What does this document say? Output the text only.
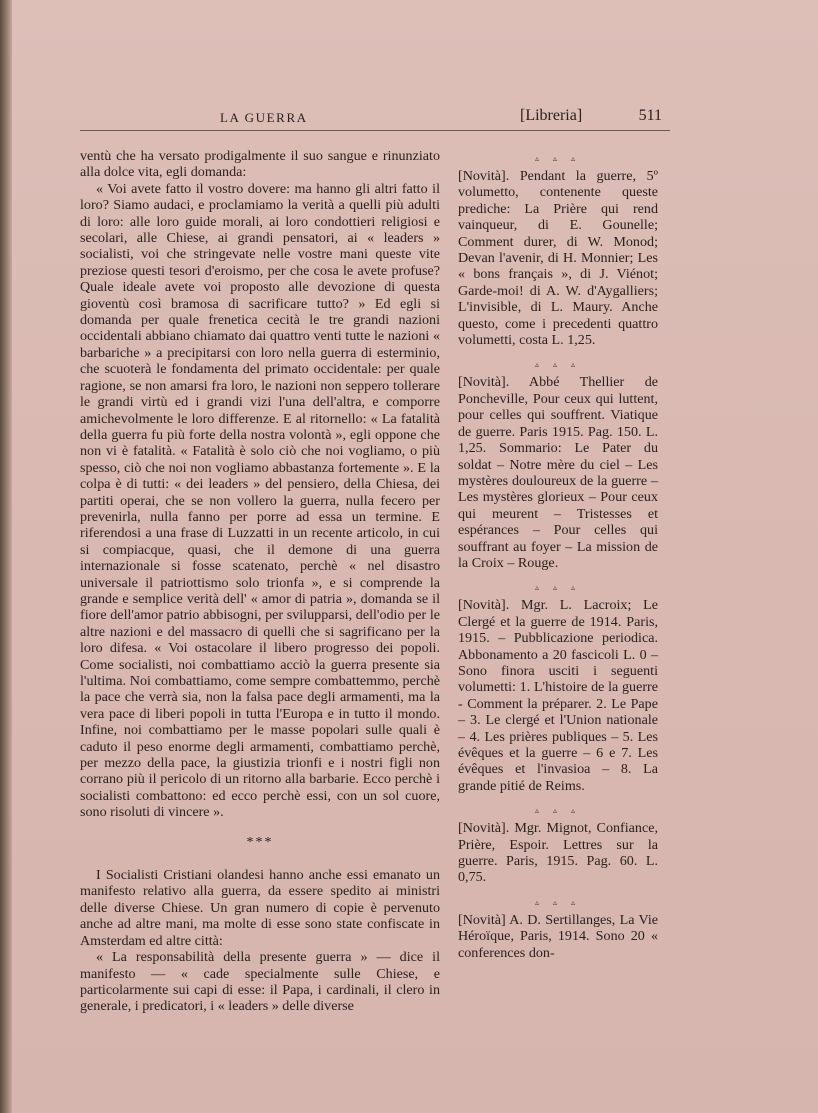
LA GUERRA	[Libreria]	511

ventù che ha versato prodigalmente il suo sangue e rinunziato alla dolce vita, egli domanda:

« Voi avete fatto il vostro dovere: ma hanno gli altri fatto il loro? Siamo audaci, e proclamiamo la verità a quelli più adulti di loro: alle loro guide morali, ai loro condottieri religiosi e secolari, alle Chiese, ai grandi pensatori, ai « leaders » socialisti, voi che stringevate nelle vostre mani queste vite preziose questi tesori d'eroismo, per che cosa le avete profuse? Quale ideale avete voi proposto alle devozione di questa gioventù così bramosa di sacrificare tutto? » Ed egli si domanda per quale frenetica cecità le tre grandi nazioni occidentali abbiano chiamato dai quattro venti tutte le nazioni « barbariche » a precipitarsi con loro nella guerra di esterminio, che scuoterà le fondamenta del primato occidentale: per quale ragione, se non amarsi fra loro, le nazioni non seppero tollerare le grandi virtù ed i grandi vizi l'una dell'altra, e comporre amichevolmente le loro differenze. E al ritornello: « La fatalità della guerra fu più forte della nostra volontà », egli oppone che non vi è fatalità. « Fatalità è solo ciò che noi vogliamo, o più spesso, ciò che noi non vogliamo abbastanza fortemente ». E la colpa è di tutti: « dei leaders » del pensiero, della Chiesa, dei partiti operai, che se non vollero la guerra, nulla fecero per prevenirla, nulla fanno per porre ad essa un termine. E riferendosi a una frase di Luzzatti in un recente articolo, in cui si compiacque, quasi, che il demone di una guerra internazionale si fosse scatenato, perchè « nel disastro universale il patriottismo solo trionfa », e si comprende la grande e semplice verità dell' « amor di patria », domanda se il fiore dell'amor patrio abbisogni, per svilupparsi, dell'odio per le altre nazioni e del massacro di quelli che si sagrificano per la loro difesa. « Voi ostacolare il libero progresso dei popoli. Come socialisti, noi combattiamo acciò la guerra presente sia l'ultima. Noi combattiamo, come sempre combattemmo, perchè la pace che verrà sia, non la falsa pace degli armamenti, ma la vera pace di liberi popoli in tutta l'Europa e in tutto il mondo. Infine, noi combattiamo per le masse popolari sulle quali è caduto il peso enorme degli armamenti, combattiamo perchè, per mezzo della pace, la giustizia trionfi e i nostri figli non corrano più il pericolo di un ritorno alla barbarie. Ecco perchè i socialisti combattono: ed ecco perchè essi, con un sol cuore, sono risoluti di vincere ».

***

I Socialisti Cristiani olandesi hanno anche essi emanato un manifesto relativo alla guerra, da essere spedito ai ministri delle diverse Chiese. Un gran numero di copie è pervenuto anche ad altre mani, ma molte di esse sono state confiscate in Amsterdam ed altre città:

« La responsabilità della presente guerra » — dice il manifesto — « cade specialmente sulle Chiese, e particolarmente sui capi di esse: il Papa, i cardinali, il clero in generale, i predicatori, i « leaders » delle diverse

▵ ▵ ▵
[Novità]. Pendant la guerre, 5º volumetto, contenente queste prediche: La Prière qui rend vainqueur, di E. Gounelle; Comment durer, di W. Monod; Devan l'avenir, di H. Monnier; Les « bons français », di J. Viénot; Garde-moi! di A. W. d'Aygalliers; L'invisible, di L. Maury. Anche questo, come i precedenti quattro volumetti, costa L. 1,25.
▵ ▵ ▵
[Novità]. Abbé Thellier de Poncheville, Pour ceux qui luttent, pour celles qui souffrent. Viatique de guerre. Paris 1915. Pag. 150. L. 1,25. Sommario: Le Pater du soldat – Notre mère du ciel – Les mystères douloureux de la guerre – Les mystères glorieux – Pour ceux qui meurent – Tristesses et espérances – Pour celles qui souffrant au foyer – La mission de la Croix – Rouge.
▵ ▵ ▵
[Novità]. Mgr. L. Lacroix; Le Clergé et la guerre de 1914. Paris, 1915. – Pubblicazione periodica. Abbonamento a 20 fascicoli L. 0 – Sono finora usciti i seguenti volumetti: 1. L'histoire de la guerre - Comment la préparer. 2. Le Pape – 3. Le clergé et l'Union nationale – 4. Les prières publiques – 5. Les évêques et la guerre – 6 e 7. Les évêques et l'invasioa – 8. La grande pitié de Reims.
▵ ▵ ▵
[Novità]. Mgr. Mignot, Confiance, Prière, Espoir. Lettres sur la guerre. Paris, 1915. Pag. 60. L. 0,75.
▵ ▵ ▵
[Novità] A. D. Sertillanges, La Vie Héroïque, Paris, 1914. Sono 20 « conferences don-
